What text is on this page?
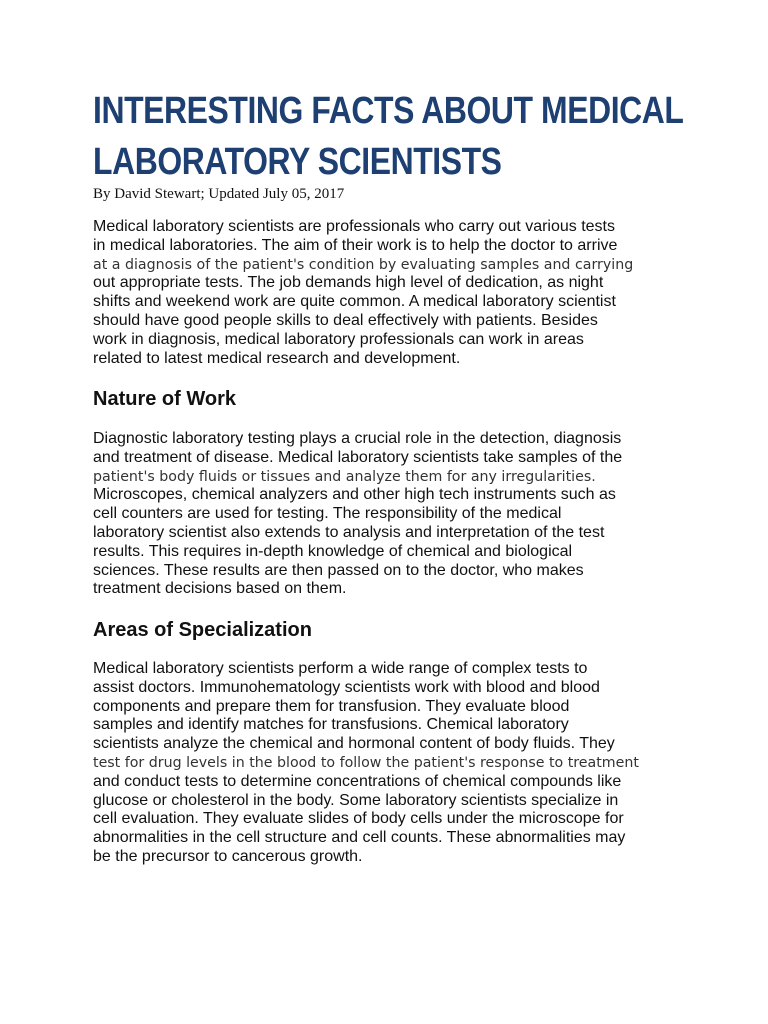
INTERESTING FACTS ABOUT MEDICAL
LABORATORY SCIENTISTS

By David Stewart; Updated July 05, 2017

Medical laboratory scientists are professionals who carry out various tests
in medical laboratories. The aim of their work is to help the doctor to arrive
at a diagnosis of the patient's condition by evaluating samples and carrying
out appropriate tests. The job demands high level of dedication, as night
shifts and weekend work are quite common. A medical laboratory scientist
should have good people skills to deal effectively with patients. Besides
work in diagnosis, medical laboratory professionals can work in areas
related to latest medical research and development.
Nature of Work
Diagnostic laboratory testing plays a crucial role in the detection, diagnosis
and treatment of disease. Medical laboratory scientists take samples of the
patient's body fluids or tissues and analyze them for any irregularities.
Microscopes, chemical analyzers and other high tech instruments such as
cell counters are used for testing. The responsibility of the medical
laboratory scientist also extends to analysis and interpretation of the test
results. This requires in-depth knowledge of chemical and biological
sciences. These results are then passed on to the doctor, who makes
treatment decisions based on them.
Areas of Specialization
Medical laboratory scientists perform a wide range of complex tests to
assist doctors. Immunohematology scientists work with blood and blood
components and prepare them for transfusion. They evaluate blood
samples and identify matches for transfusions. Chemical laboratory
scientists analyze the chemical and hormonal content of body fluids. They
test for drug levels in the blood to follow the patient's response to treatment
and conduct tests to determine concentrations of chemical compounds like
glucose or cholesterol in the body. Some laboratory scientists specialize in
cell evaluation. They evaluate slides of body cells under the microscope for
abnormalities in the cell structure and cell counts. These abnormalities may
be the precursor to cancerous growth.
